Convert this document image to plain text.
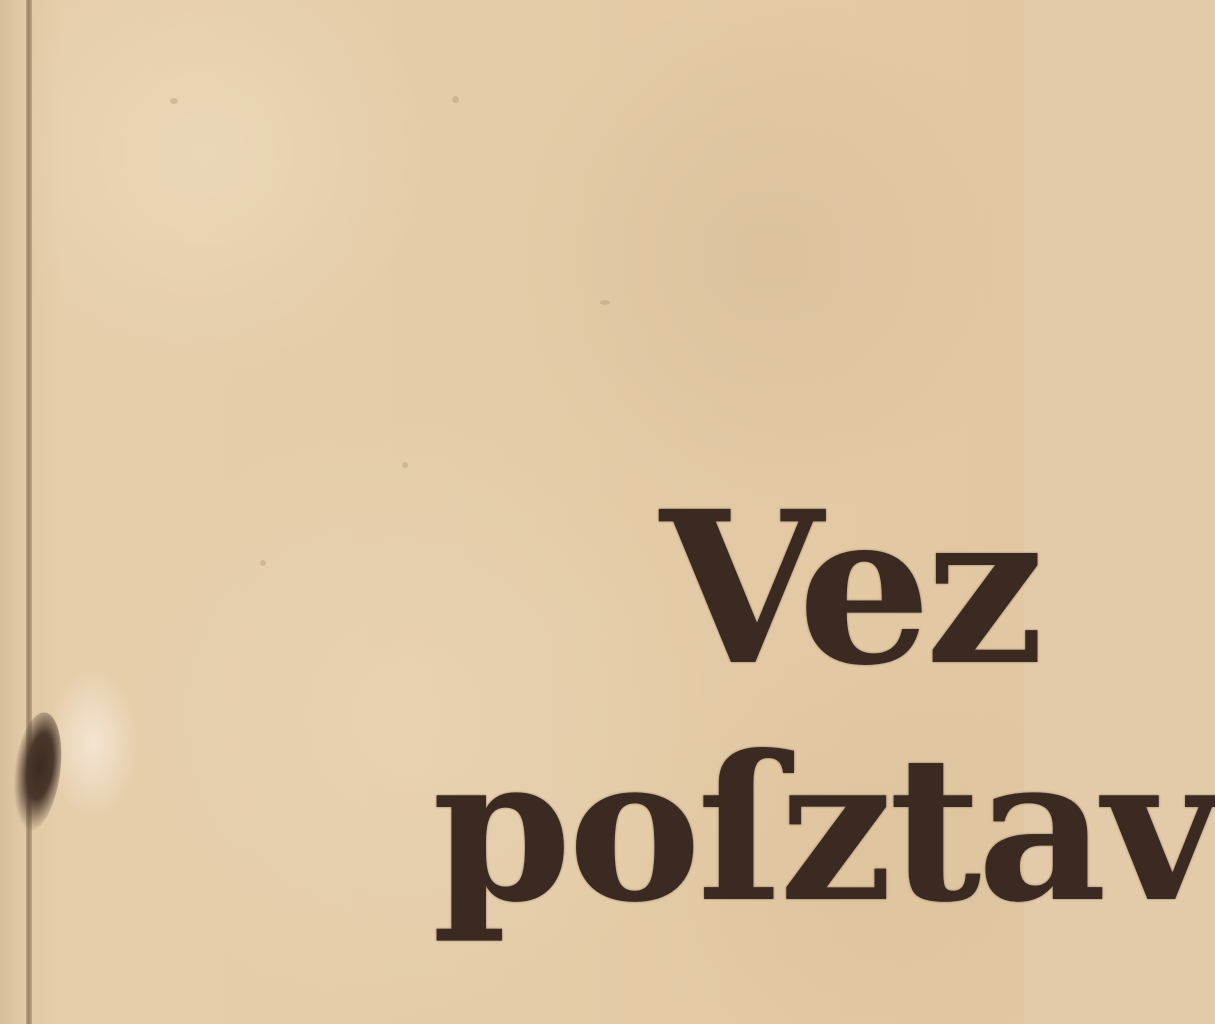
Vez
poſztav
